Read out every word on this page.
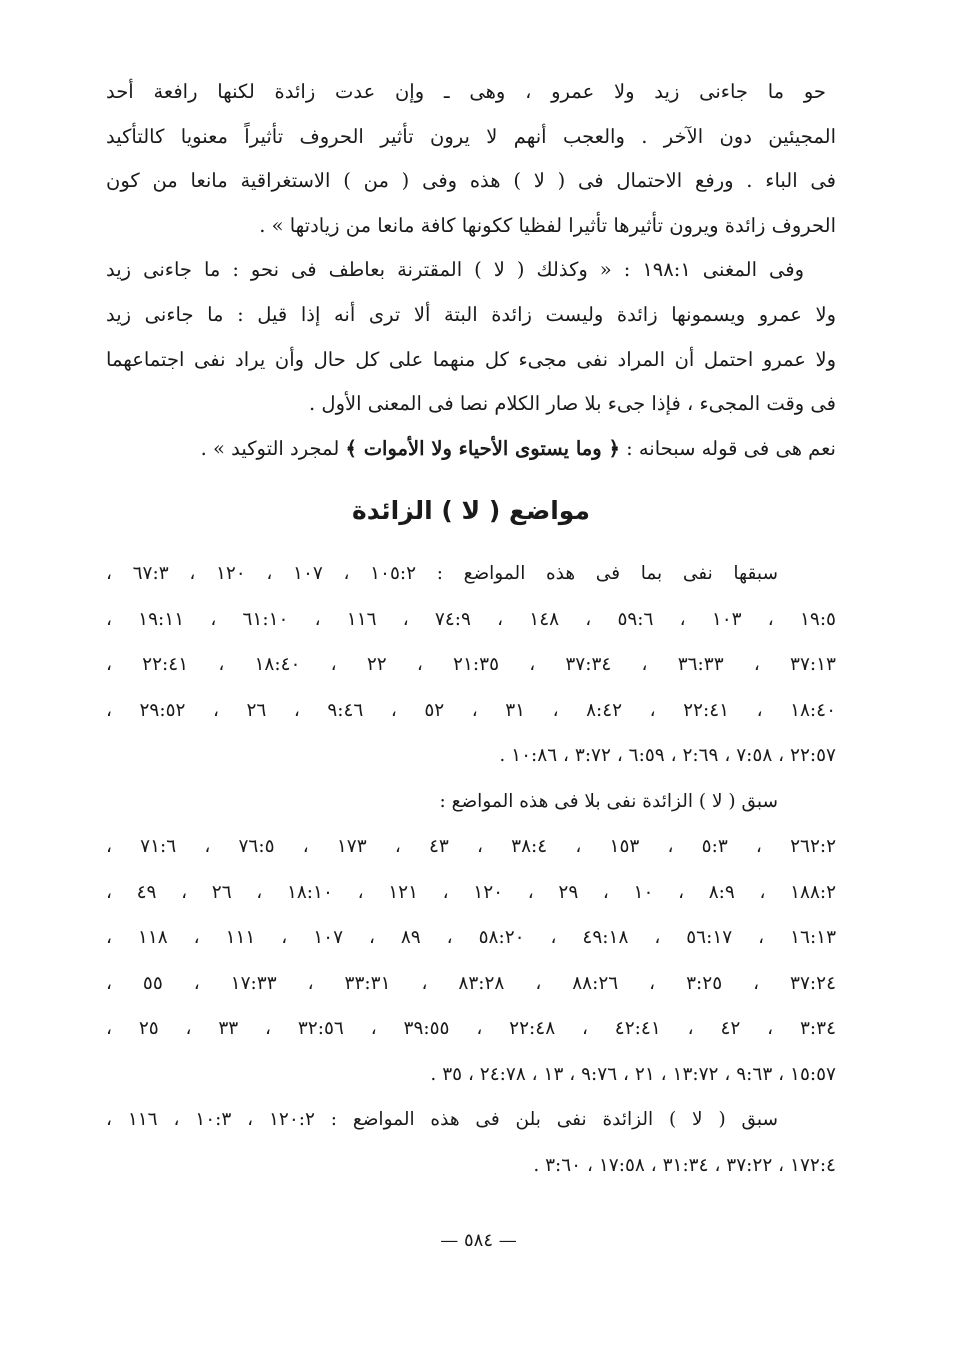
حو ما جاءنى زيد ولا عمرو ، وهى ـ وإن عدت زائدة لكنها رافعة أحد
المجيئين دون الآخر . والعجب أنهم لا يرون تأثير الحروف تأثيراً معنويا كالتأكيد
فى الباء . ورفع الاحتمال فى ( لا ) هذه وفى ( من ) الاستغراقية مانعا من كون
الحروف زائدة ويرون تأثيرها تأثيرا لفظيا ككونها كافة مانعا من زيادتها » .
وفى المغنى ١٩٨:١ : « وكذلك ( لا ) المقترنة بعاطف فى نحو : ما جاءنى زيد
ولا عمرو ويسمونها زائدة وليست زائدة البتة ألا ترى أنه إذا قيل : ما جاءنى زيد
ولا عمرو احتمل أن المراد نفى مجىء كل منهما على كل حال وأن يراد نفى اجتماعهما
فى وقت المجىء ، فإذا جىء بلا صار الكلام نصا فى المعنى الأول .
نعم هى فى قوله سبحانه : ﴿ وما يستوى الأحياء ولا الأموات ﴾ لمجرد التوكيد » .
مواضع ( لا ) الزائدة
سبقها نفى بما فى هذه المواضع : ١٠٥:٢ ، ١٠٧ ، ١٢٠ ، ٦٧:٣ ،
١٩:٥ ، ١٠٣ ، ٥٩:٦ ، ١٤٨ ، ٧٤:٩ ، ١١٦ ، ٦١:١٠ ، ١٩:١١ ،
٣٧:١٣ ، ٣٦:٣٣ ، ٣٧:٣٤ ، ٢١:٣٥ ، ٢٢ ، ١٨:٤٠ ، ٢٢:٤١ ،
١٨:٤٠ ، ٢٢:٤١ ، ٨:٤٢ ، ٣١ ، ٥٢ ، ٩:٤٦ ، ٢٦ ، ٢٩:٥٢ ،
٢٢:٥٧ ، ٧:٥٨ ، ٢:٦٩ ، ٦:٥٩ ، ٣:٧٢ ، ١٠:٨٦ .
سبق ( لا ) الزائدة نفى بلا فى هذه المواضع :
٢٦٢:٢ ، ٥:٣ ، ١٥٣ ، ٣٨:٤ ، ٤٣ ، ١٧٣ ، ٧٦:٥ ، ٧١:٦ ،
١٨٨:٢ ، ٨:٩ ، ١٠ ، ٢٩ ، ١٢٠ ، ١٢١ ، ١٨:١٠ ، ٢٦ ، ٤٩ ،
١٦:١٣ ، ٥٦:١٧ ، ٤٩:١٨ ، ٥٨:٢٠ ، ٨٩ ، ١٠٧ ، ١١١ ، ١١٨ ،
٣٧:٢٤ ، ٣:٢٥ ، ٨٨:٢٦ ، ٨٣:٢٨ ، ٣٣:٣١ ، ١٧:٣٣ ، ٥٥ ،
٣:٣٤ ، ٤٢ ، ٤٢:٤١ ، ٢٢:٤٨ ، ٣٩:٥٥ ، ٣٢:٥٦ ، ٣٣ ، ٢٥ ،
١٥:٥٧ ، ٩:٦٣ ، ١٣:٧٢ ، ٢١ ، ٩:٧٦ ، ١٣ ، ٢٤:٧٨ ، ٣٥ .
سبق ( لا ) الزائدة نفى بلن فى هذه المواضع : ١٢٠:٢ ، ١٠:٣ ، ١١٦ ،
١٧٢:٤ ، ٣٧:٢٢ ، ٣١:٣٤ ، ١٧:٥٨ ، ٣:٦٠ .
— ٥٨٤ —
